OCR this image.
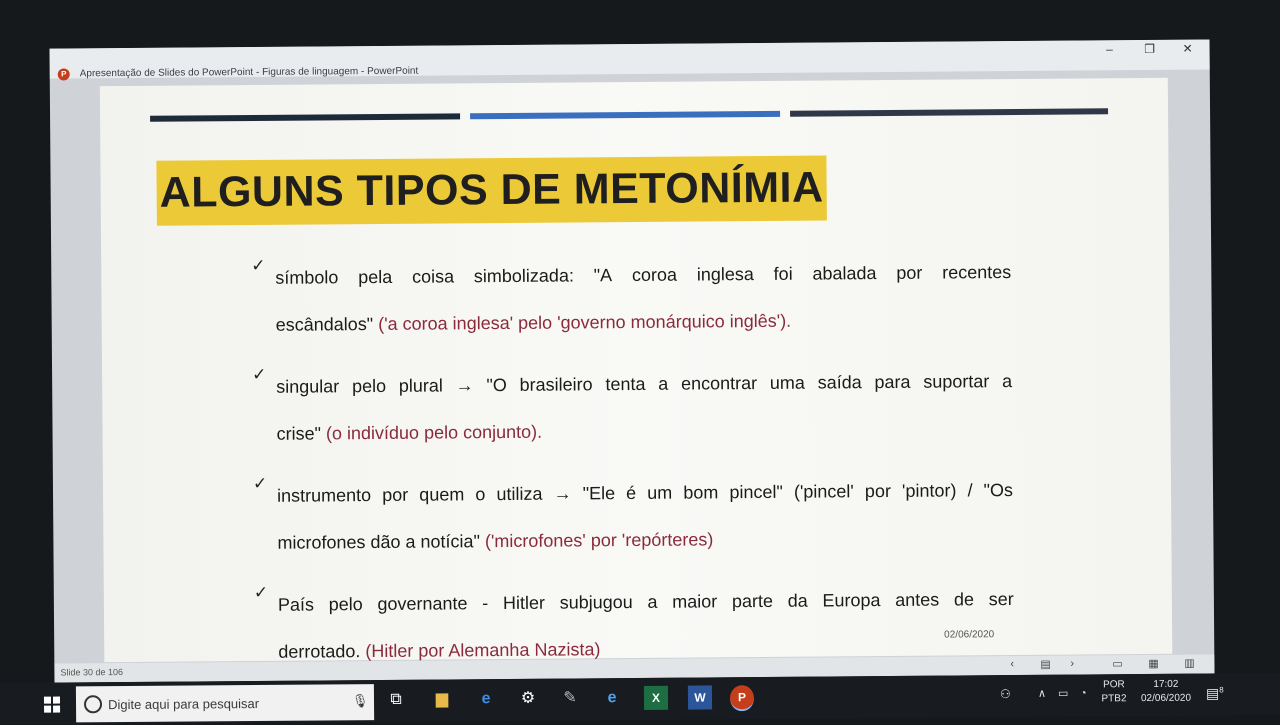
P	Apresentação de Slides do PowerPoint - Figuras de linguagem - PowerPoint
–	❐	✕
ALGUNS TIPOS DE METONÍMIA
✓
símbolo pela coisa simbolizada: "A coroa inglesa foi abalada por recentes
escândalos" ('a coroa inglesa' pelo 'governo monárquico inglês').
✓
singular pelo plural → "O brasileiro tenta a encontrar uma saída para suportar a
crise" (o indivíduo pelo conjunto).
✓
instrumento por quem o utiliza → "Ele é um bom pincel" ('pincel' por 'pintor) / "Os
microfones dão a notícia" ('microfones' por 'repórteres)
✓
País pelo governante - Hitler subjugou a maior parte da Europa antes de ser
derrotado. (Hitler por Alemanha Nazista)
02/06/2020
Slide 30 de 106
‹ ▤ ›	▭ ▦ ▥
Digite aqui para pesquisar	🎙	⧉	▆	e	⚙	✎	e	X	W	P	⚇ ∧ ▭ ◔
POR
PTB2
17:02
02/06/2020	▤$^8$
